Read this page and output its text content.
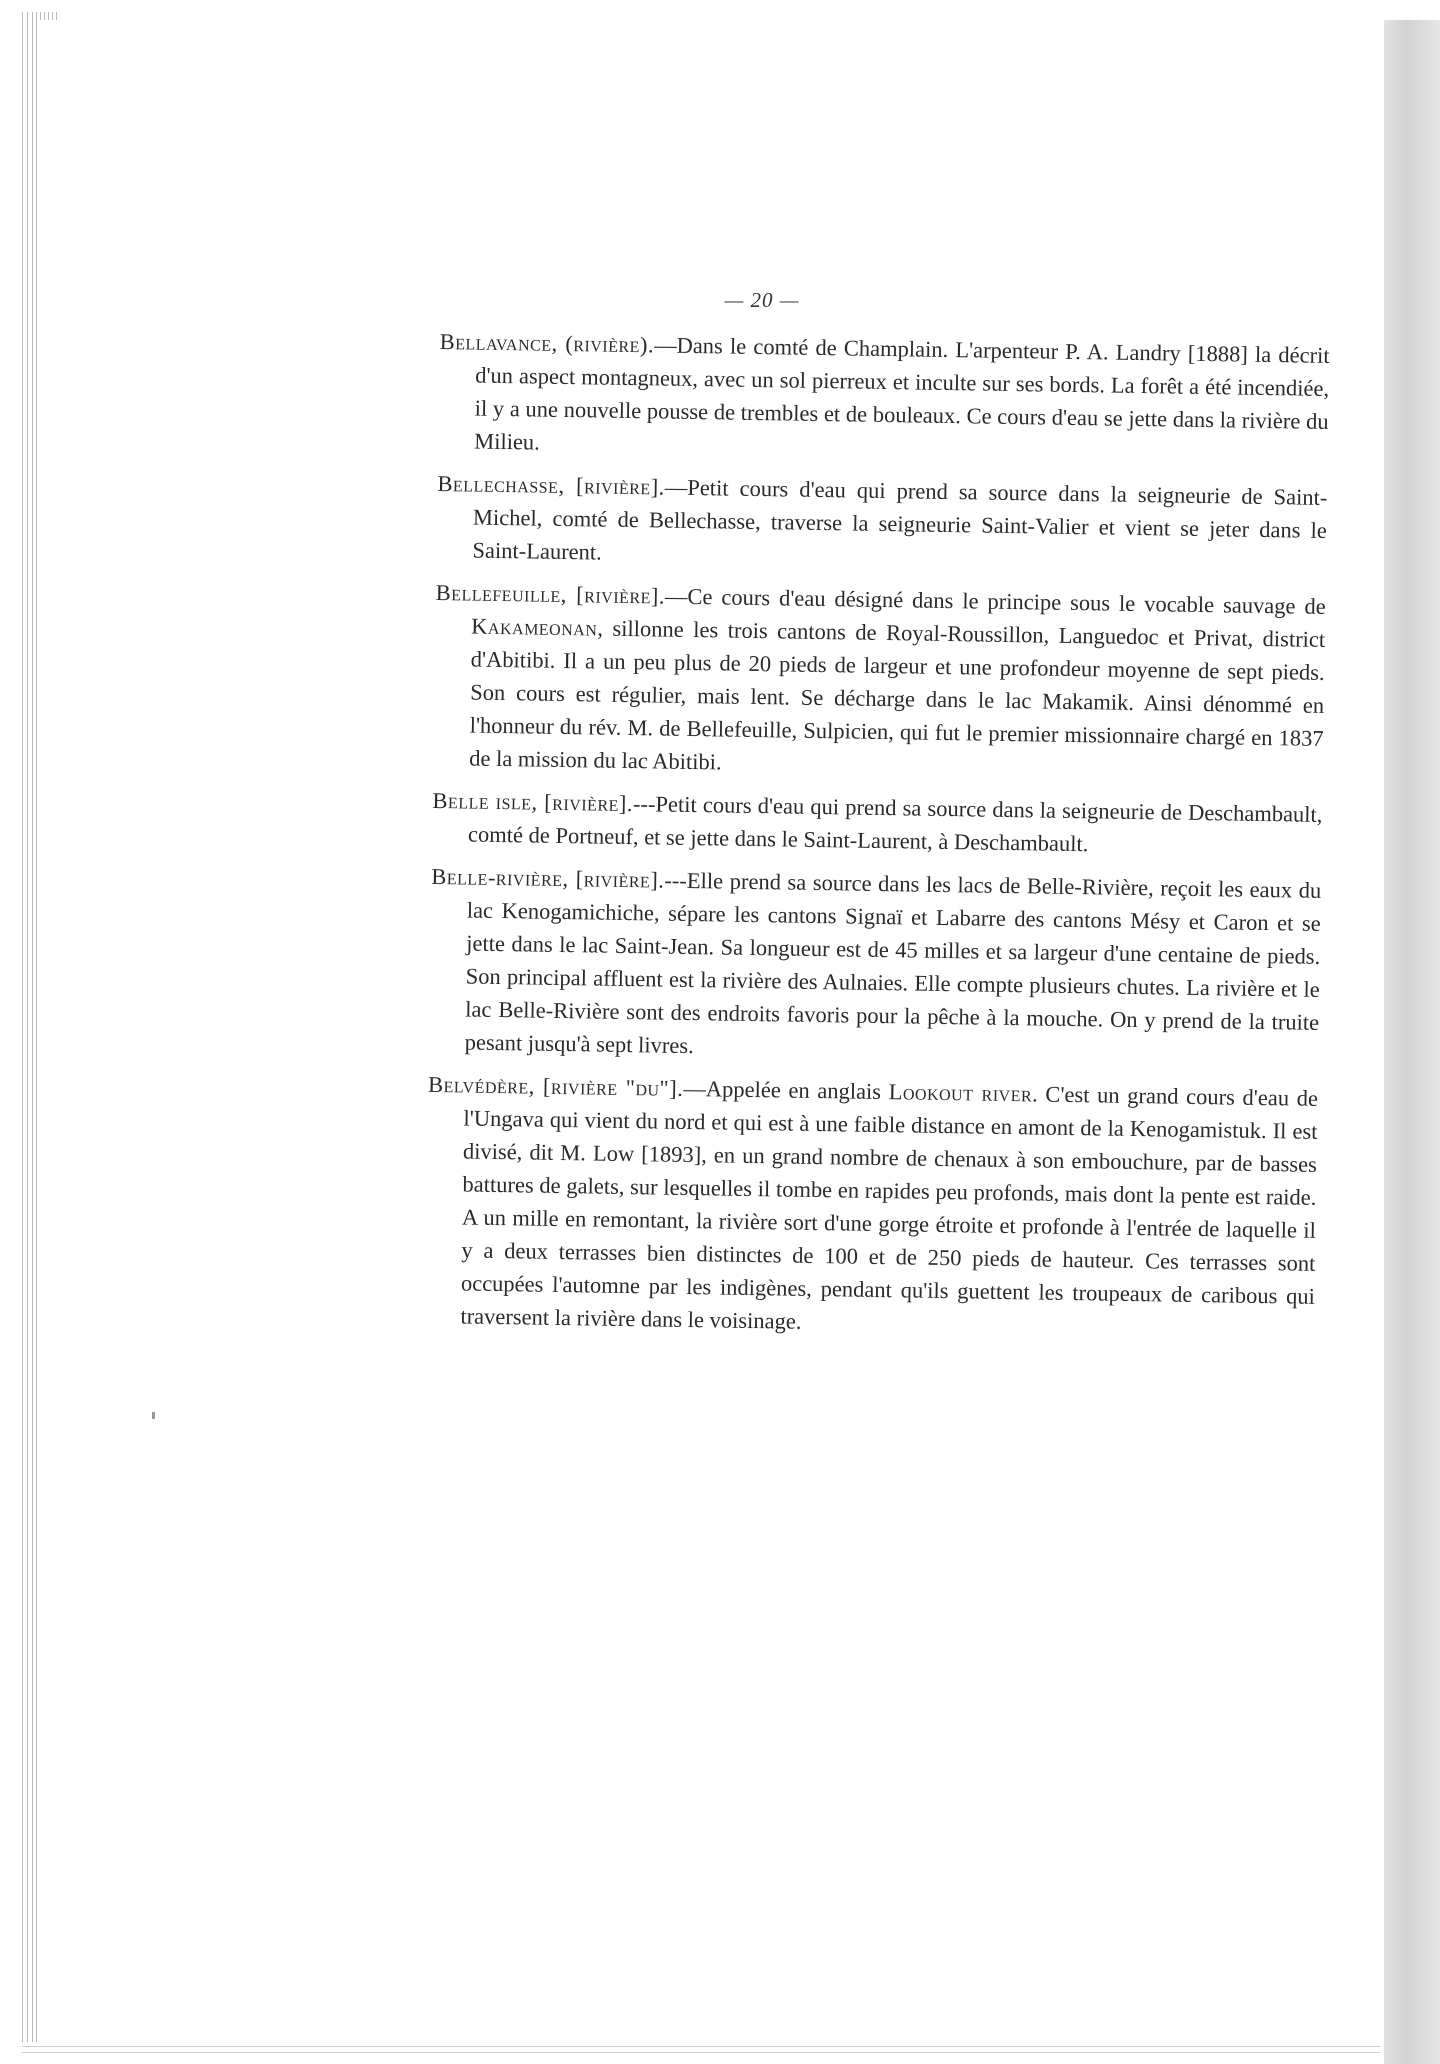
— 20 —

Bellavance, (rivière).—Dans le comté de Champlain. L'arpenteur P. A. Landry [1888] la décrit d'un aspect montagneux, avec un sol pierreux et inculte sur ses bords. La forêt a été incendiée, il y a une nouvelle pousse de trembles et de bouleaux. Ce cours d'eau se jette dans la rivière du Milieu.

Bellechasse, [rivière].—Petit cours d'eau qui prend sa source dans la seigneurie de Saint-Michel, comté de Bellechasse, traverse la seigneurie Saint-Valier et vient se jeter dans le Saint-Laurent.

Bellefeuille, [rivière].—Ce cours d'eau désigné dans le principe sous le vocable sauvage de Kakameonan, sillonne les trois cantons de Royal-Roussillon, Languedoc et Privat, district d'Abitibi. Il a un peu plus de 20 pieds de largeur et une profondeur moyenne de sept pieds. Son cours est régulier, mais lent. Se décharge dans le lac Makamik. Ainsi dénommé en l'honneur du rév. M. de Bellefeuille, Sulpicien, qui fut le premier missionnaire chargé en 1837 de la mission du lac Abitibi.

Belle isle, [rivière].---Petit cours d'eau qui prend sa source dans la seigneurie de Deschambault, comté de Portneuf, et se jette dans le Saint-Laurent, à Deschambault.

Belle-rivière, [rivière].---Elle prend sa source dans les lacs de Belle-Rivière, reçoit les eaux du lac Kenogamichiche, sépare les cantons Signaï et Labarre des cantons Mésy et Caron et se jette dans le lac Saint-Jean. Sa longueur est de 45 milles et sa largeur d'une centaine de pieds. Son principal affluent est la rivière des Aulnaies. Elle compte plusieurs chutes. La rivière et le lac Belle-Rivière sont des endroits favoris pour la pêche à la mouche. On y prend de la truite pesant jusqu'à sept livres.

Belvédère, [rivière "du"].—Appelée en anglais Lookout river. C'est un grand cours d'eau de l'Ungava qui vient du nord et qui est à une faible distance en amont de la Kenogamistuk. Il est divisé, dit M. Low [1893], en un grand nombre de chenaux à son embouchure, par de basses battures de galets, sur lesquelles il tombe en rapides peu profonds, mais dont la pente est raide. A un mille en remontant, la rivière sort d'une gorge étroite et profonde à l'entrée de laquelle il y a deux terrasses bien distinctes de 100 et de 250 pieds de hauteur. Ces terrasses sont occupées l'automne par les indigènes, pendant qu'ils guettent les troupeaux de caribous qui traversent la rivière dans le voisinage.
